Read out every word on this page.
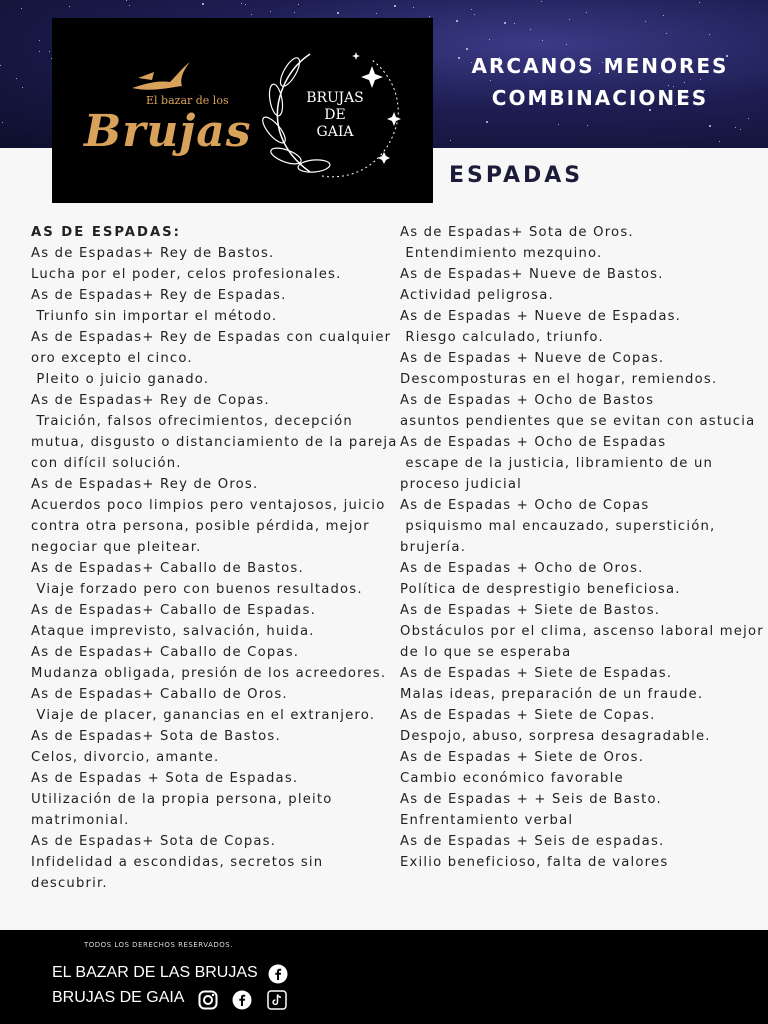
El bazar de los
Brujas
BRUJAS
DE
GAIA
ARCANOS MENORES
COMBINACIONES
ESPADAS
AS DE ESPADAS:
As de Espadas+ Rey de Bastos.
Lucha por el poder, celos profesionales.
As de Espadas+ Rey de Espadas.
Triunfo sin importar el método.
As de Espadas+ Rey de Espadas con cualquier
oro excepto el cinco.
Pleito o juicio ganado.
As de Espadas+ Rey de Copas.
Traición, falsos ofrecimientos, decepción
mutua, disgusto o distanciamiento de la pareja
con difícil solución.
As de Espadas+ Rey de Oros.
Acuerdos poco limpios pero ventajosos, juicio
contra otra persona, posible pérdida, mejor
negociar que pleitear.
As de Espadas+ Caballo de Bastos.
Viaje forzado pero con buenos resultados.
As de Espadas+ Caballo de Espadas.
Ataque imprevisto, salvación, huida.
As de Espadas+ Caballo de Copas.
Mudanza obligada, presión de los acreedores.
As de Espadas+ Caballo de Oros.
Viaje de placer, ganancias en el extranjero.
As de Espadas+ Sota de Bastos.
Celos, divorcio, amante.
As de Espadas + Sota de Espadas.
Utilización de la propia persona, pleito
matrimonial.
As de Espadas+ Sota de Copas.
Infidelidad a escondidas, secretos sin
descubrir.
As de Espadas+ Sota de Oros.
Entendimiento mezquino.
As de Espadas+ Nueve de Bastos.
Actividad peligrosa.
As de Espadas + Nueve de Espadas.
Riesgo calculado, triunfo.
As de Espadas + Nueve de Copas.
Descomposturas en el hogar, remiendos.
As de Espadas + Ocho de Bastos
asuntos pendientes que se evitan con astucia
As de Espadas + Ocho de Espadas
escape de la justicia, libramiento de un
proceso judicial
As de Espadas + Ocho de Copas
psiquismo mal encauzado, superstición,
brujería.
As de Espadas + Ocho de Oros.
Política de desprestigio beneficiosa.
As de Espadas + Siete de Bastos.
Obstáculos por el clima, ascenso laboral mejor
de lo que se esperaba
As de Espadas + Siete de Espadas.
Malas ideas, preparación de un fraude.
As de Espadas + Siete de Copas.
Despojo, abuso, sorpresa desagradable.
As de Espadas + Siete de Oros.
Cambio económico favorable
As de Espadas + + Seis de Basto.
Enfrentamiento verbal
As de Espadas + Seis de espadas.
Exilio beneficioso, falta de valores
TODOS LOS DERECHOS RESERVADOS.
EL BAZAR DE LAS BRUJAS
BRUJAS DE GAIA
